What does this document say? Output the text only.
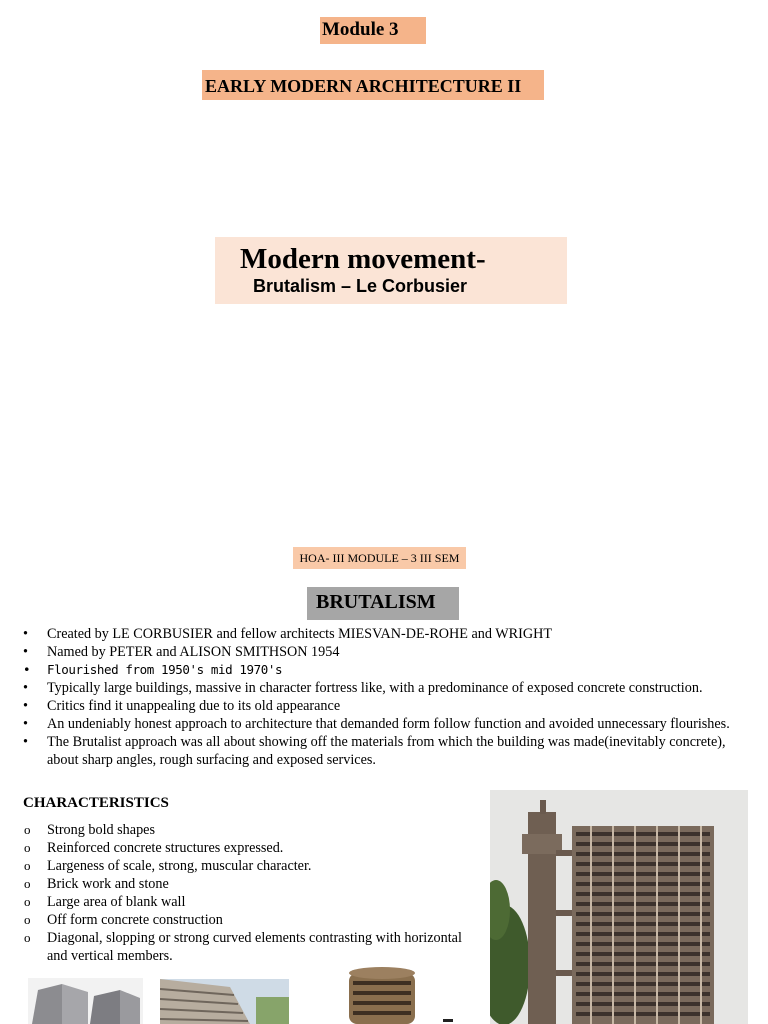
Module 3
EARLY MODERN ARCHITECTURE II
Modern movement-
Brutalism – Le Corbusier
HOA- III MODULE – 3 III SEM
BRUTALISM
• Created by LE CORBUSIER and fellow architects MIESVAN-DE-ROHE and WRIGHT
• Named by PETER and ALISON SMITHSON 1954
• Flourished from 1950's mid 1970's
• Typically large buildings, massive in character fortress like, with a predominance of exposed concrete construction.
• Critics find it unappealing due to its old appearance
• An undeniably honest approach to architecture that demanded form follow function and avoided unnecessary flourishes.
• The Brutalist approach was all about showing off the materials from which the building was made(inevitably concrete), about sharp angles, rough surfacing and exposed services.
CHARACTERISTICS
o Strong bold shapes
o Reinforced concrete structures expressed.
o Largeness of scale, strong, muscular character.
o Brick work and stone
o Large area of blank wall
o Off form concrete construction
o Diagonal, slopping or strong curved elements contrasting with horizontal and vertical members.
